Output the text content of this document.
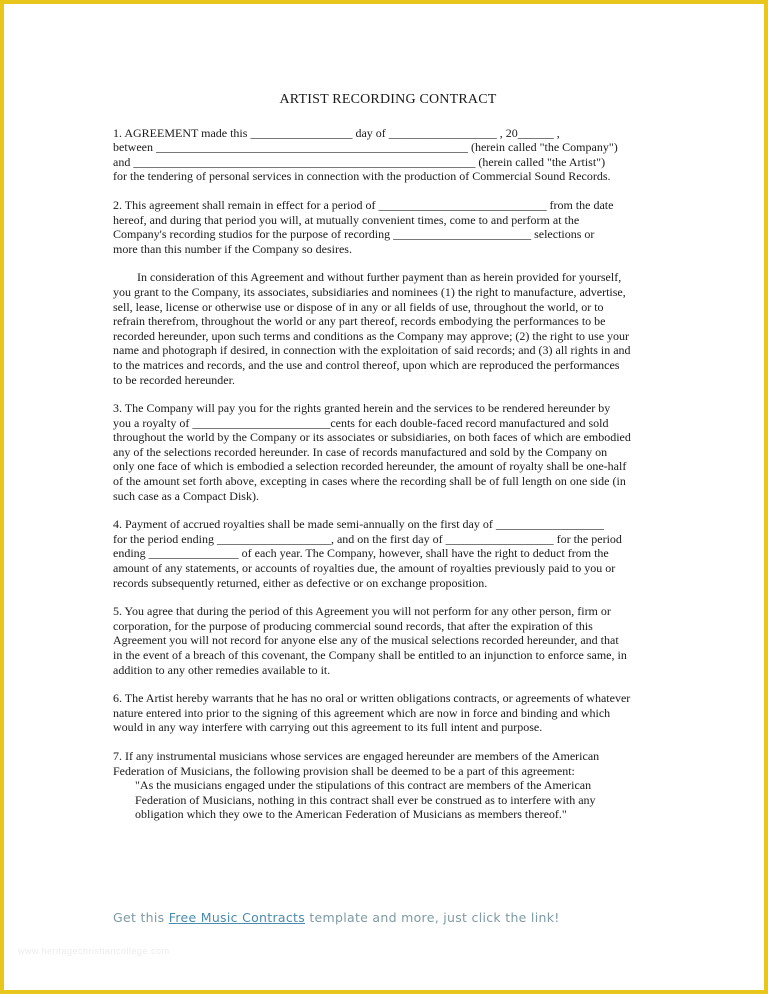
ARTIST RECORDING CONTRACT
1. AGREEMENT made this _________________ day of __________________ , 20______ ,
between ____________________________________________________ (herein called "the Company")
and _________________________________________________________ (herein called "the Artist")
for the tendering of personal services in connection with the production of Commercial Sound Records.
2. This agreement shall remain in effect for a period of ____________________________ from the date
hereof, and during that period you will, at mutually convenient times, come to and perform at the
Company's recording studios for the purpose of recording _______________________ selections or
more than this number if the Company so desires.
In consideration of this Agreement and without further payment than as herein provided for yourself,
you grant to the Company, its associates, subsidiaries and nominees (1) the right to manufacture, advertise,
sell, lease, license or otherwise use or dispose of in any or all fields of use, throughout the world, or to
refrain therefrom, throughout the world or any part thereof, records embodying the performances to be
recorded hereunder, upon such terms and conditions as the Company may approve; (2) the right to use your
name and photograph if desired, in connection with the exploitation of said records; and (3) all rights in and
to the matrices and records, and the use and control thereof, upon which are reproduced the performances
to be recorded hereunder.
3. The Company will pay you for the rights granted herein and the services to be rendered hereunder by
you a royalty of _______________________cents for each double-faced record manufactured and sold
throughout the world by the Company or its associates or subsidiaries, on both faces of which are embodied
any of the selections recorded hereunder. In case of records manufactured and sold by the Company on
only one face of which is embodied a selection recorded hereunder, the amount of royalty shall be one-half
of the amount set forth above, excepting in cases where the recording shall be of full length on one side (in
such case as a Compact Disk).
4. Payment of accrued royalties shall be made semi-annually on the first day of __________________
for the period ending ___________________, and on the first day of __________________ for the period
ending _______________ of each year. The Company, however, shall have the right to deduct from the
amount of any statements, or accounts of royalties due, the amount of royalties previously paid to you or
records subsequently returned, either as defective or on exchange proposition.
5. You agree that during the period of this Agreement you will not perform for any other person, firm or
corporation, for the purpose of producing commercial sound records, that after the expiration of this
Agreement you will not record for anyone else any of the musical selections recorded hereunder, and that
in the event of a breach of this covenant, the Company shall be entitled to an injunction to enforce same, in
addition to any other remedies available to it.
6. The Artist hereby warrants that he has no oral or written obligations contracts, or agreements of whatever
nature entered into prior to the signing of this agreement which are now in force and binding and which
would in any way interfere with carrying out this agreement to its full intent and purpose.
7. If any instrumental musicians whose services are engaged hereunder are members of the American
Federation of Musicians, the following provision shall be deemed to be a part of this agreement:
"As the musicians engaged under the stipulations of this contract are members of the American
Federation of Musicians, nothing in this contract shall ever be construed as to interfere with any
obligation which they owe to the American Federation of Musicians as members thereof."
Get this Free Music Contracts template and more, just click the link!
www.heritagechristiancollege.com
